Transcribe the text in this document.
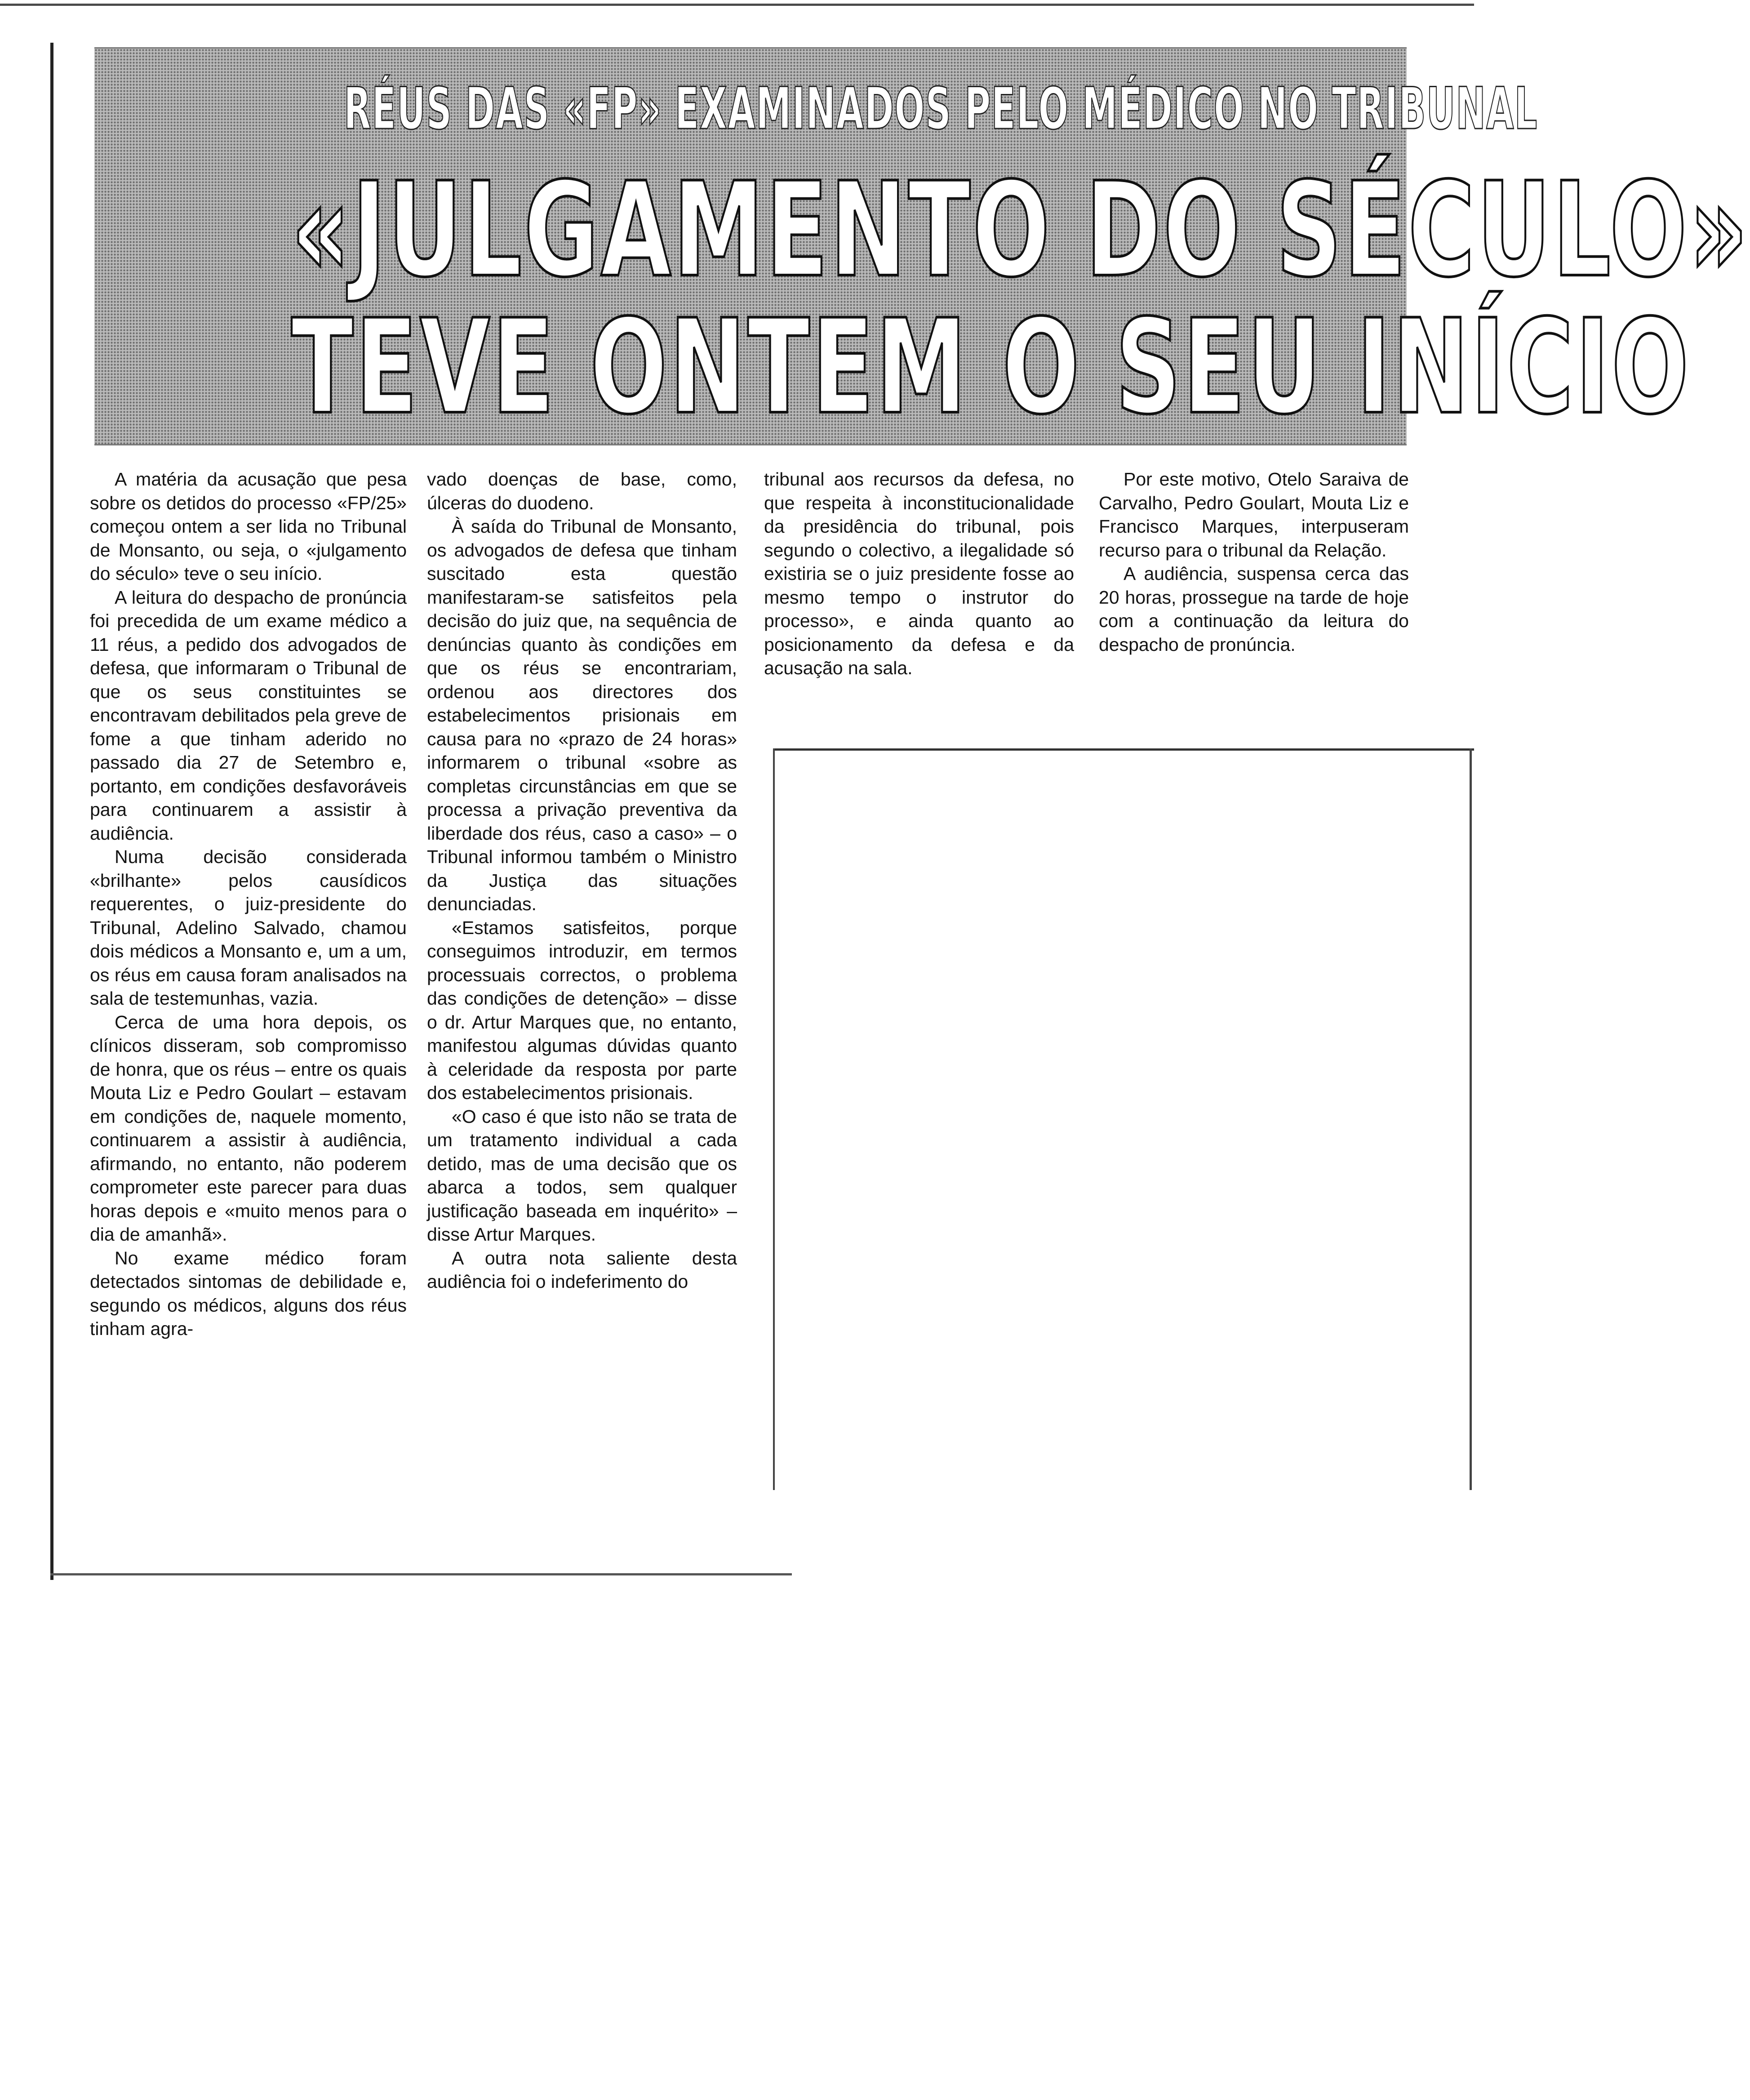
RÉUS DAS «FP» EXAMINADOS PELO MÉDICO NO TRIBUNAL
«JULGAMENTO DO SÉCULO»
TEVE ONTEM O SEU INÍCIO

A matéria da acusação que pesa sobre os detidos do processo «FP/25» começou ontem a ser lida no Tribunal de Monsanto, ou seja, o «julgamento do século» teve o seu início.

A leitura do despacho de pronúncia foi precedida de um exame médico a 11 réus, a pedido dos advogados de defesa, que informaram o Tribunal de que os seus constituintes se encontravam debilitados pela greve de fome a que tinham aderido no passado dia 27 de Setembro e, portanto, em condições desfavoráveis para continuarem a assistir à audiência.

Numa decisão considerada «brilhante» pelos causídicos requerentes, o juiz-presidente do Tribunal, Adelino Salvado, chamou dois médicos a Monsanto e, um a um, os réus em causa foram analisados na sala de testemunhas, vazia.

Cerca de uma hora depois, os clínicos disseram, sob compromisso de honra, que os réus – entre os quais Mouta Liz e Pedro Goulart – estavam em condições de, naquele momento, continuarem a assistir à audiência, afirmando, no entanto, não poderem comprometer este parecer para duas horas depois e «muito menos para o dia de amanhã».

No exame médico foram detectados sintomas de debilidade e, segundo os médicos, alguns dos réus tinham agra-

vado doenças de base, como, úlceras do duodeno.

À saída do Tribunal de Monsanto, os advogados de defesa que tinham suscitado esta questão manifestaram-se satisfeitos pela decisão do juiz que, na sequência de denúncias quanto às condições em que os réus se encontrariam, ordenou aos directores dos estabelecimentos prisionais em causa para no «prazo de 24 horas» informarem o tribunal «sobre as completas circunstâncias em que se processa a privação preventiva da liberdade dos réus, caso a caso» – o Tribunal informou também o Ministro da Justiça das situações denunciadas.

«Estamos satisfeitos, porque conseguimos introduzir, em termos processuais correctos, o problema das condições de detenção» – disse o dr. Artur Marques que, no entanto, manifestou algumas dúvidas quanto à celeridade da resposta por parte dos estabelecimentos prisionais.

«O caso é que isto não se trata de um tratamento individual a cada detido, mas de uma decisão que os abarca a todos, sem qualquer justificação baseada em inquérito» – disse Artur Marques.

A outra nota saliente desta audiência foi o indeferimento do

tribunal aos recursos da defesa, no que respeita à inconstitucionalidade da presidência do tribunal, pois segundo o colectivo, a ilegalidade só existiria se o juiz presidente fosse ao mesmo tempo o instrutor do processo», e ainda quanto ao posicionamento da defesa e da acusação na sala.

Por este motivo, Otelo Saraiva de Carvalho, Pedro Goulart, Mouta Liz e Francisco Marques, interpuseram recurso para o tribunal da Relação.

A audiência, suspensa cerca das 20 horas, prossegue na tarde de hoje com a continuação da leitura do despacho de pronúncia.
